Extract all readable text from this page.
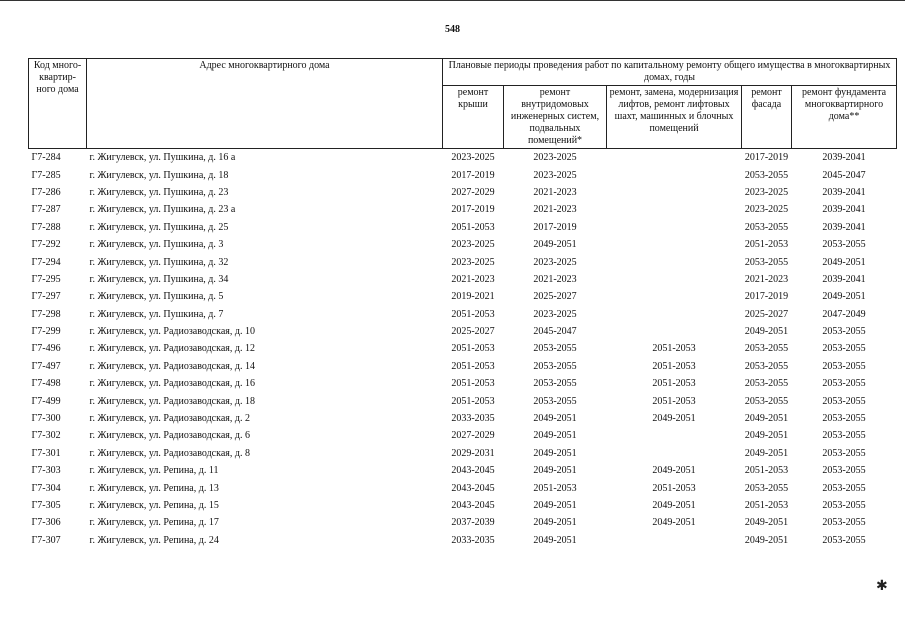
548
Код много-квартир-ного дома	Адрес многоквартирного дома	Плановые периоды проведения работ по капитальному ремонту общего имущества в многоквартирных домах, годы				
		ремонт крыши	ремонт внутридомовых инженерных систем, подвальных помещений*	ремонт, замена, модернизация лифтов, ремонт лифтовых шахт, машинных и блочных помещений	ремонт фасада	ремонт фундамента многоквартирного дома**
Г7-284	г. Жигулевск, ул. Пушкина, д. 16 а	2023-2025	2023-2025		2017-2019	2039-2041
Г7-285	г. Жигулевск, ул. Пушкина, д. 18	2017-2019	2023-2025		2053-2055	2045-2047
Г7-286	г. Жигулевск, ул. Пушкина, д. 23	2027-2029	2021-2023		2023-2025	2039-2041
Г7-287	г. Жигулевск, ул. Пушкина, д. 23 а	2017-2019	2021-2023		2023-2025	2039-2041
Г7-288	г. Жигулевск, ул. Пушкина, д. 25	2051-2053	2017-2019		2053-2055	2039-2041
Г7-292	г. Жигулевск, ул. Пушкина, д. 3	2023-2025	2049-2051		2051-2053	2053-2055
Г7-294	г. Жигулевск, ул. Пушкина, д. 32	2023-2025	2023-2025		2053-2055	2049-2051
Г7-295	г. Жигулевск, ул. Пушкина, д. 34	2021-2023	2021-2023		2021-2023	2039-2041
Г7-297	г. Жигулевск, ул. Пушкина, д. 5	2019-2021	2025-2027		2017-2019	2049-2051
Г7-298	г. Жигулевск, ул. Пушкина, д. 7	2051-2053	2023-2025		2025-2027	2047-2049
Г7-299	г. Жигулевск, ул. Радиозаводская, д. 10	2025-2027	2045-2047		2049-2051	2053-2055
Г7-496	г. Жигулевск, ул. Радиозаводская, д. 12	2051-2053	2053-2055	2051-2053	2053-2055	2053-2055
Г7-497	г. Жигулевск, ул. Радиозаводская, д. 14	2051-2053	2053-2055	2051-2053	2053-2055	2053-2055
Г7-498	г. Жигулевск, ул. Радиозаводская, д. 16	2051-2053	2053-2055	2051-2053	2053-2055	2053-2055
Г7-499	г. Жигулевск, ул. Радиозаводская, д. 18	2051-2053	2053-2055	2051-2053	2053-2055	2053-2055
Г7-300	г. Жигулевск, ул. Радиозаводская, д. 2	2033-2035	2049-2051	2049-2051	2049-2051	2053-2055
Г7-302	г. Жигулевск, ул. Радиозаводская, д. 6	2027-2029	2049-2051		2049-2051	2053-2055
Г7-301	г. Жигулевск, ул. Радиозаводская, д. 8	2029-2031	2049-2051		2049-2051	2053-2055
Г7-303	г. Жигулевск, ул. Репина, д. 11	2043-2045	2049-2051	2049-2051	2051-2053	2053-2055
Г7-304	г. Жигулевск, ул. Репина, д. 13	2043-2045	2051-2053	2051-2053	2053-2055	2053-2055
Г7-305	г. Жигулевск, ул. Репина, д. 15	2043-2045	2049-2051	2049-2051	2051-2053	2053-2055
Г7-306	г. Жигулевск, ул. Репина, д. 17	2037-2039	2049-2051	2049-2051	2049-2051	2053-2055
Г7-307	г. Жигулевск, ул. Репина, д. 24	2033-2035	2049-2051		2049-2051	2053-2055
✱
